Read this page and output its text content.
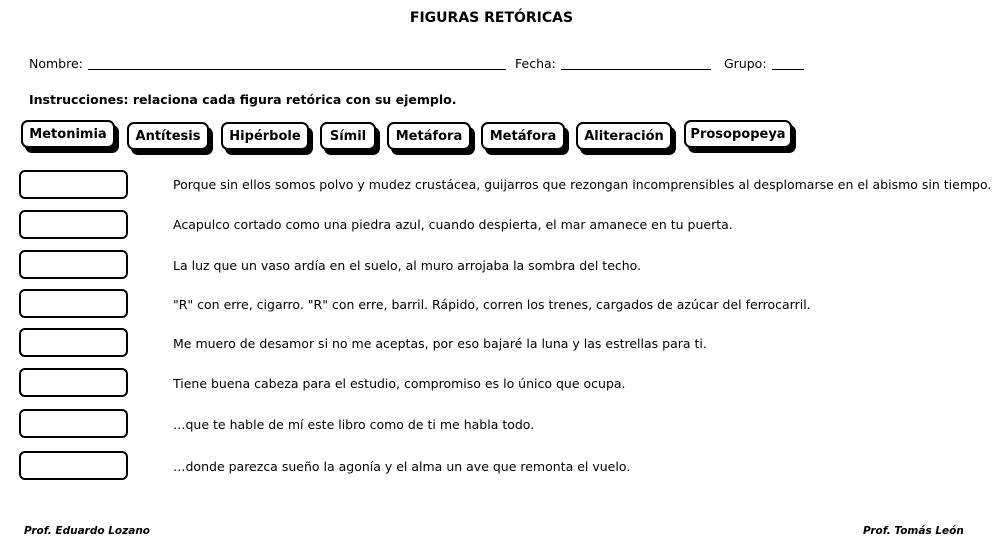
FIGURAS RETÓRICAS
Nombre:	Fecha:	Grupo:
Instrucciones: relaciona cada figura retórica con su ejemplo.
Metonimia	Antítesis	Hipérbole	Símil	Metáfora	Metáfora	Aliteración	Prosopopeya
Porque sin ellos somos polvo y mudez crustácea, guijarros que rezongan incomprensibles al desplomarse en el abismo sin tiempo.
Acapulco cortado como una piedra azul, cuando despierta, el mar amanece en tu puerta.
La luz que un vaso ardía en el suelo, al muro arrojaba la sombra del techo.
"R" con erre, cigarro. "R" con erre, barril. Rápido, corren los trenes, cargados de azúcar del ferrocarril.
Me muero de desamor si no me aceptas, por eso bajaré la luna y las estrellas para ti.
Tiene buena cabeza para el estudio, compromiso es lo único que ocupa.
…que te hable de mí este libro como de ti me habla todo.
…donde parezca sueño la agonía y el alma un ave que remonta el vuelo.
Prof. Eduardo Lozano	Prof. Tomás León
